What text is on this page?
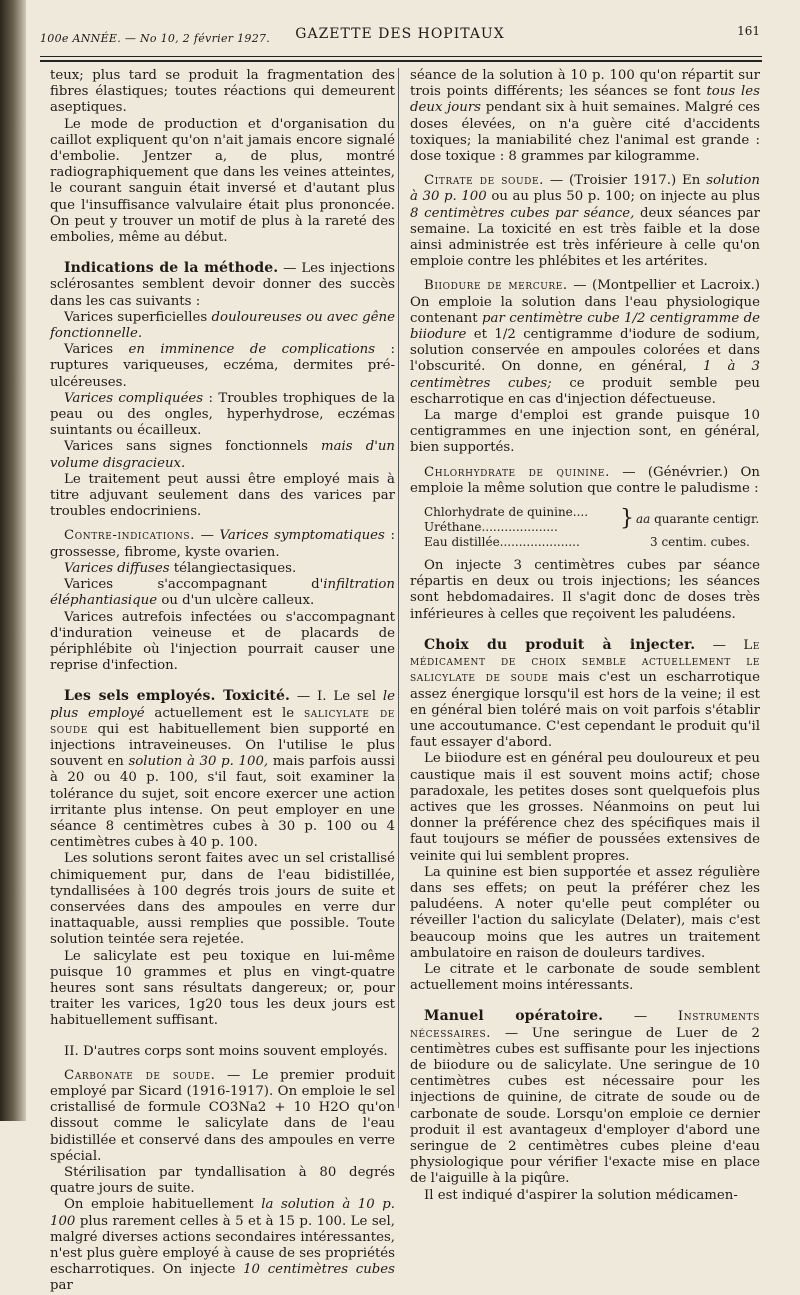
100e ANNÉE. — No 10, 2 février 1927.	GAZETTE DES HOPITAUX	161

teux; plus tard se produit la fragmentation des fibres élastiques; toutes réactions qui demeurent aseptiques.

Le mode de production et d'organisation du caillot expliquent qu'on n'ait jamais encore signalé d'embolie. Jentzer a, de plus, montré radiographiquement que dans les veines atteintes, le courant sanguin était inversé et d'autant plus que l'insuffisance valvulaire était plus prononcée. On peut y trouver un motif de plus à la rareté des embolies, même au début.

Indications de la méthode. — Les injections sclérosantes semblent devoir donner des succès dans les cas suivants :

Varices superficielles douloureuses ou avec gêne fonctionnelle.

Varices en imminence de complications : ruptures variqueuses, eczéma, dermites pré-ulcéreuses.

Varices compliquées : Troubles trophiques de la peau ou des ongles, hyperhydrose, eczémas suintants ou écailleux.

Varices sans signes fonctionnels mais d'un volume disgracieux.

Le traitement peut aussi être employé mais à titre adjuvant seulement dans des varices par troubles endocriniens.

Contre-indications. — Varices symptomatiques : grossesse, fibrome, kyste ovarien.

Varices diffuses télangiectasiques.

Varices s'accompagnant d'infiltration éléphantiasique ou d'un ulcère calleux.

Varices autrefois infectées ou s'accompagnant d'induration veineuse et de placards de périphlébite où l'injection pourrait causer une reprise d'infection.

Les sels employés. Toxicité. — I. Le sel le plus employé actuellement est le salicylate de soude qui est habituellement bien supporté en injections intraveineuses. On l'utilise le plus souvent en solution à 30 p. 100, mais parfois aussi à 20 ou 40 p. 100, s'il faut, soit examiner la tolérance du sujet, soit encore exercer une action irritante plus intense. On peut employer en une séance 8 centimètres cubes à 30 p. 100 ou 4 centimètres cubes à 40 p. 100.

Les solutions seront faites avec un sel cristallisé chimiquement pur, dans de l'eau bidistillée, tyndallisées à 100 degrés trois jours de suite et conservées dans des ampoules en verre dur inattaquable, aussi remplies que possible. Toute solution teintée sera rejetée.

Le salicylate est peu toxique en lui-même puisque 10 grammes et plus en vingt-quatre heures sont sans résultats dangereux; or, pour traiter les varices, 1g20 tous les deux jours est habituellement suffisant.

II. D'autres corps sont moins souvent employés.

Carbonate de soude. — Le premier produit employé par Sicard (1916-1917). On emploie le sel cristallisé de formule CO3Na2 + 10 H2O qu'on dissout comme le salicylate dans de l'eau bidistillée et conservé dans des ampoules en verre spécial.

Stérilisation par tyndallisation à 80 degrés quatre jours de suite.

On emploie habituellement la solution à 10 p. 100 plus rarement celles à 5 et à 15 p. 100. Le sel, malgré diverses actions secondaires intéressantes, n'est plus guère employé à cause de ses propriétés escharrotiques. On injecte 10 centimètres cubes par

séance de la solution à 10 p. 100 qu'on répartit sur trois points différents; les séances se font tous les deux jours pendant six à huit semaines. Malgré ces doses élevées, on n'a guère cité d'accidents toxiques; la maniabilité chez l'animal est grande : dose toxique : 8 grammes par kilogramme.

Citrate de soude. — (Troisier 1917.) En solution à 30 p. 100 ou au plus 50 p. 100; on injecte au plus 8 centimètres cubes par séance, deux séances par semaine. La toxicité en est très faible et la dose ainsi administrée est très inférieure à celle qu'on emploie contre les phlébites et les artérites.

Biiodure de mercure. — (Montpellier et Lacroix.) On emploie la solution dans l'eau physiologique contenant par centimètre cube 1/2 centigramme de biiodure et 1/2 centigramme d'iodure de sodium, solution conservée en ampoules colorées et dans l'obscurité. On donne, en général, 1 à 3 centimètres cubes; ce produit semble peu escharrotique en cas d'injection défectueuse.

La marge d'emploi est grande puisque 10 centigrammes en une injection sont, en général, bien supportés.

Chlorhydrate de quinine. — (Génévrier.) On emploie la même solution que contre le paludisme :

Chlorhydrate de quinine....
Uréthane....................
Eau distillée.....................
} aa quarante centigr.
3 centim. cubes.

On injecte 3 centimètres cubes par séance répartis en deux ou trois injections; les séances sont hebdomadaires. Il s'agit donc de doses très inférieures à celles que reçoivent les paludéens.

Choix du produit à injecter. — Le médicament de choix semble actuellement le salicylate de soude mais c'est un escharrotique assez énergique lorsqu'il est hors de la veine; il est en général bien toléré mais on voit parfois s'établir une accoutumance. C'est cependant le produit qu'il faut essayer d'abord.

Le biiodure est en général peu douloureux et peu caustique mais il est souvent moins actif; chose paradoxale, les petites doses sont quelquefois plus actives que les grosses. Néanmoins on peut lui donner la préférence chez des spécifiques mais il faut toujours se méfier de poussées extensives de veinite qui lui semblent propres.

La quinine est bien supportée et assez régulière dans ses effets; on peut la préférer chez les paludéens. A noter qu'elle peut compléter ou réveiller l'action du salicylate (Delater), mais c'est beaucoup moins que les autres un traitement ambulatoire en raison de douleurs tardives.

Le citrate et le carbonate de soude semblent actuellement moins intéressants.

Manuel opératoire. — Instruments nécessaires. — Une seringue de Luer de 2 centimètres cubes est suffisante pour les injections de biiodure ou de salicylate. Une seringue de 10 centimètres cubes est nécessaire pour les injections de quinine, de citrate de soude ou de carbonate de soude. Lorsqu'on emploie ce dernier produit il est avantageux d'employer d'abord une seringue de 2 centimètres cubes pleine d'eau physiologique pour vérifier l'exacte mise en place de l'aiguille à la piqûre.

Il est indiqué d'aspirer la solution médicamen-
